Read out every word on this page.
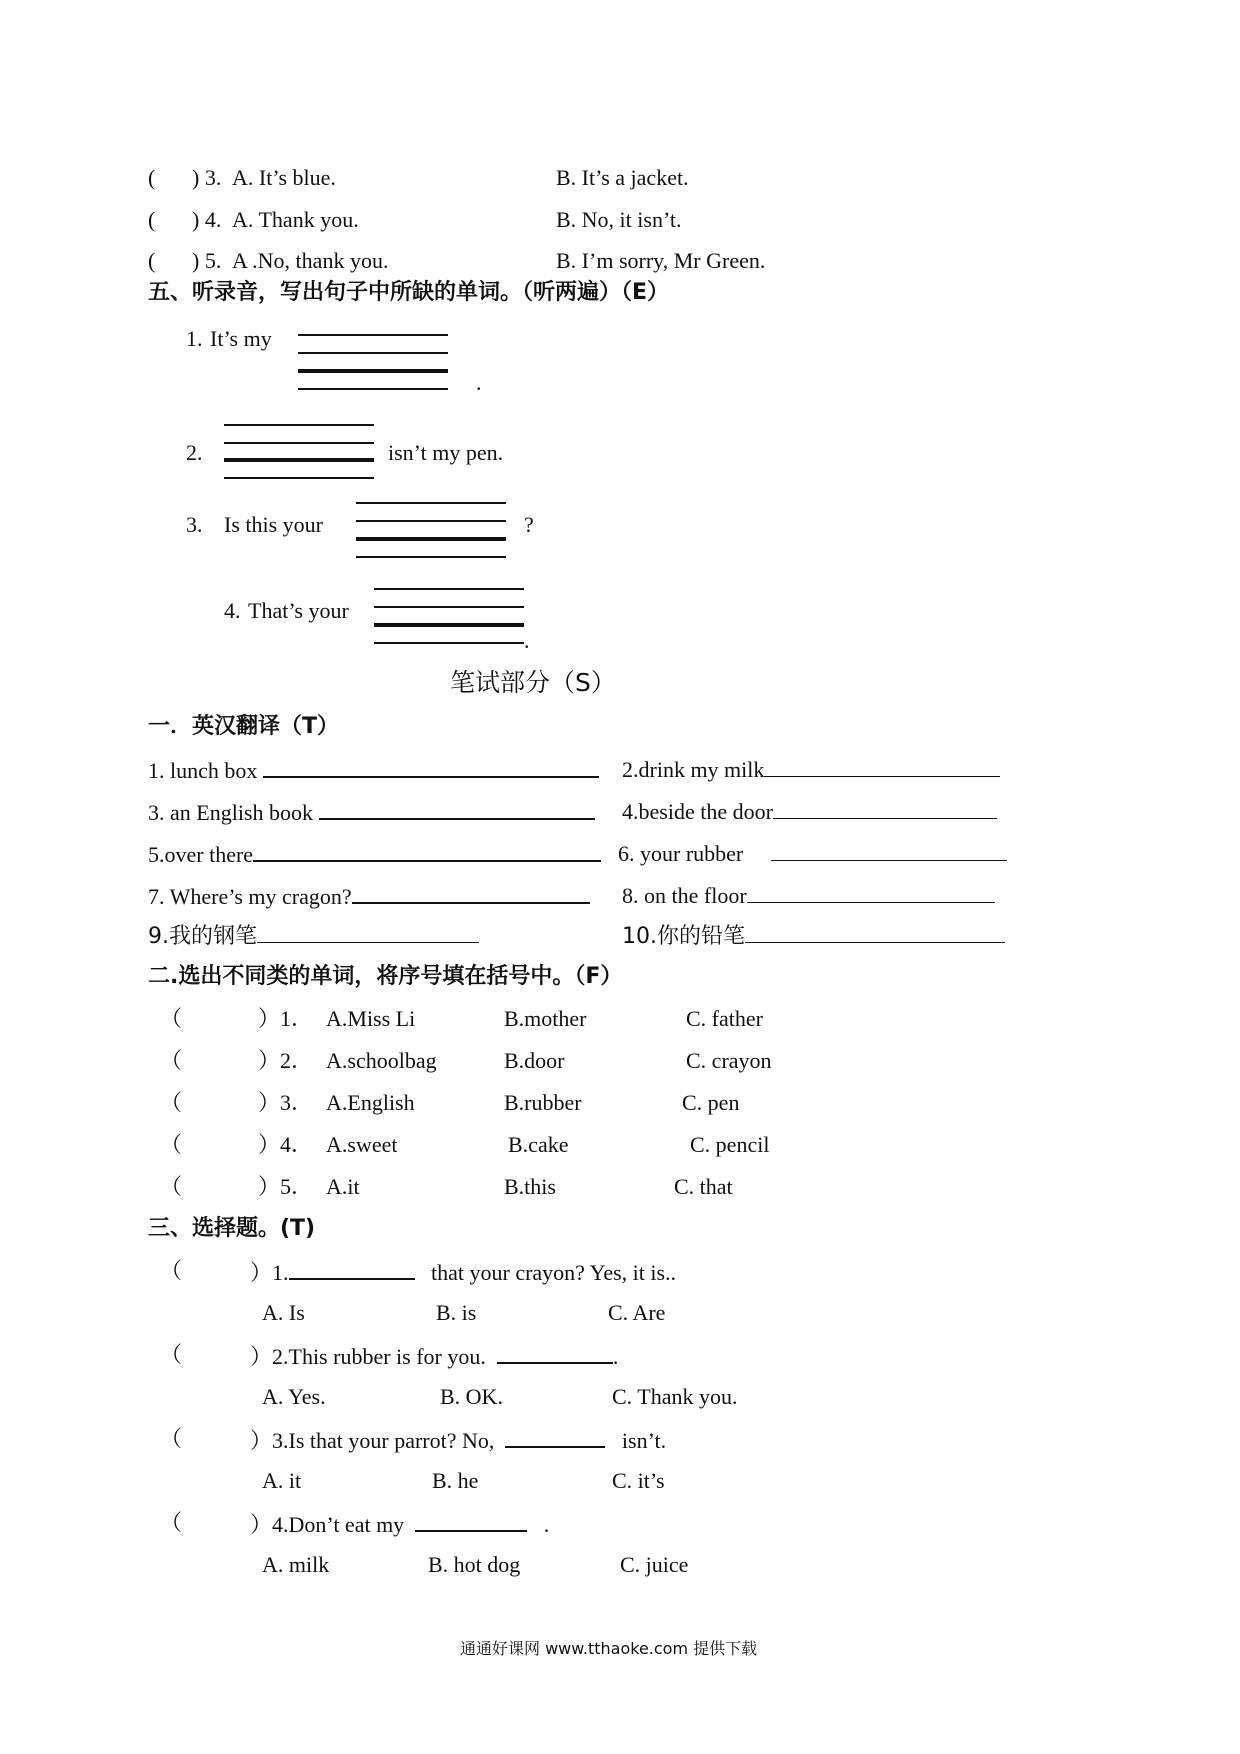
( ) 3. A. It’s blue.	B. It’s a jacket.
( ) 4. A. Thank you.	B. No, it isn’t.
( ) 5. A .No, thank you.	B. I’m sorry, Mr Green.
五、听录音，写出句子中所缺的单词。（听两遍）（E）
1. It’s my
.
2.	isn’t my pen.
3. Is this your	?
4. That’s your
.
笔试部分（S）
一．英汉翻译（T）
1. lunch box	2.drink my milk
3. an English book	4.beside the door
5.over there	6. your rubber
7. Where’s my cragon?	8. on the floor
9.我的钢笔	10.你的铅笔
二.选出不同类的单词，将序号填在括号中。（F）
（	）1． A.Miss Li	B.mother	C. father
（	）2． A.schoolbag	B.door	C. crayon
（	）3． A.English	B.rubber	C. pen
（	）4． A.sweet	B.cake	C. pencil
（	）5． A.it	B.this	C. that
三、选择题。(T)
（	）1.	that your crayon? Yes, it is..
A. Is	B. is	C. Are
（	）2.This rubber is for you.	.
A. Yes.	B. OK.	C. Thank you.
（	）3.Is that your parrot? No,	isn’t.
A. it	B. he	C. it’s
（	）4.Don’t eat my	.
A. milk	B. hot dog	C. juice
通通好课网 www.tthaoke.com 提供下载
